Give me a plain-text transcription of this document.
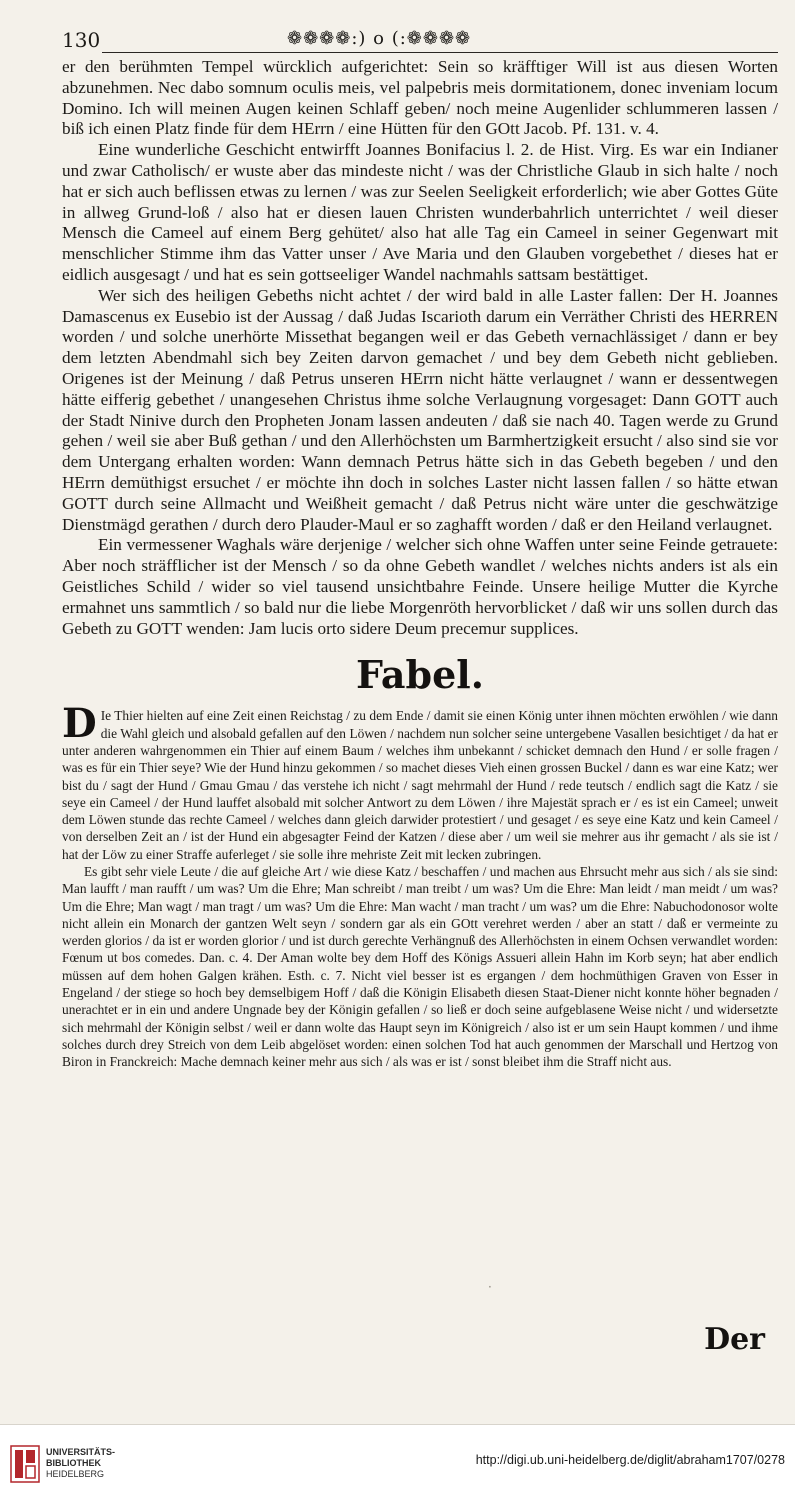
130	❁❁❁❁:) o (:❁❁❁❁

er den berühmten Tempel würcklich aufgerichtet: Sein so kräfftiger Will ist aus diesen Worten abzunehmen. Nec dabo somnum oculis meis, vel palpebris meis dormitationem, donec inveniam locum Domino. Ich will meinen Augen keinen Schlaff geben/ noch meine Augenlider schlummeren lassen / biß ich einen Platz finde für dem HErrn / eine Hütten für den GOtt Jacob. Pf. 131. v. 4.

Eine wunderliche Geschicht entwirfft Joannes Bonifacius l. 2. de Hist. Virg. Es war ein Indianer und zwar Catholisch/ er wuste aber das mindeste nicht / was der Christliche Glaub in sich halte / noch hat er sich auch beflissen etwas zu lernen / was zur Seelen Seeligkeit erforderlich; wie aber Gottes Güte in allweg Grund-loß / also hat er diesen lauen Christen wunderbahrlich unterrichtet / weil dieser Mensch die Cameel auf einem Berg gehütet/ also hat alle Tag ein Cameel in seiner Gegenwart mit menschlicher Stimme ihm das Vatter unser / Ave Maria und den Glauben vorgebethet / dieses hat er eidlich ausgesagt / und hat es sein gottseeliger Wandel nachmahls sattsam bestättiget.

Wer sich des heiligen Gebeths nicht achtet / der wird bald in alle Laster fallen: Der H. Joannes Damascenus ex Eusebio ist der Aussag / daß Judas Iscarioth darum ein Verräther Christi des HERREN worden / und solche unerhörte Missethat begangen weil er das Gebeth vernachlässiget / dann er bey dem letzten Abendmahl sich bey Zeiten darvon gemachet / und bey dem Gebeth nicht geblieben. Origenes ist der Meinung / daß Petrus unseren HErrn nicht hätte verlaugnet / wann er dessentwegen hätte eifferig gebethet / unangesehen Christus ihme solche Verlaugnung vorgesaget: Dann GOTT auch der Stadt Ninive durch den Propheten Jonam lassen andeuten / daß sie nach 40. Tagen werde zu Grund gehen / weil sie aber Buß gethan / und den Allerhöchsten um Barmhertzigkeit ersucht / also sind sie vor dem Untergang erhalten worden: Wann demnach Petrus hätte sich in das Gebeth begeben / und den HErrn demüthigst ersuchet / er möchte ihn doch in solches Laster nicht lassen fallen / so hätte etwan GOTT durch seine Allmacht und Weißheit gemacht / daß Petrus nicht wäre unter die geschwätzige Dienstmägd gerathen / durch dero Plauder-Maul er so zaghafft worden / daß er den Heiland verlaugnet.

Ein vermessener Waghals wäre derjenige / welcher sich ohne Waffen unter seine Feinde getrauete: Aber noch sträfflicher ist der Mensch / so da ohne Gebeth wandlet / welches nichts anders ist als ein Geistliches Schild / wider so viel tausend unsichtbahre Feinde. Unsere heilige Mutter die Kyrche ermahnet uns sammtlich / so bald nur die liebe Morgenröth hervorblicket / daß wir uns sollen durch das Gebeth zu GOTT wenden: Jam lucis orto sidere Deum precemur supplices.

Fabel.

D Ie Thier hielten auf eine Zeit einen Reichstag / zu dem Ende / damit sie einen König unter ihnen möchten erwöhlen / wie dann die Wahl gleich und alsobald gefallen auf den Löwen / nachdem nun solcher seine untergebene Vasallen besichtiget / da hat er unter anderen wahrgenommen ein Thier auf einem Baum / welches ihm unbekannt / schicket demnach den Hund / er solle fragen / was es für ein Thier seye? Wie der Hund hinzu gekommen / so machet dieses Vieh einen grossen Buckel / dann es war eine Katz; wer bist du / sagt der Hund / Gmau Gmau / das verstehe ich nicht / sagt mehrmahl der Hund / rede teutsch / endlich sagt die Katz / sie seye ein Cameel / der Hund lauffet alsobald mit solcher Antwort zu dem Löwen / ihre Majestät sprach er / es ist ein Cameel; unweit dem Löwen stunde das rechte Cameel / welches dann gleich darwider protestiert / und gesaget / es seye eine Katz und kein Cameel / von derselben Zeit an / ist der Hund ein abgesagter Feind der Katzen / diese aber / um weil sie mehrer aus ihr gemacht / als sie ist / hat der Löw zu einer Straffe auferleget / sie solle ihre mehriste Zeit mit lecken zubringen.

Es gibt sehr viele Leute / die auf gleiche Art / wie diese Katz / beschaffen / und machen aus Ehrsucht mehr aus sich / als sie sind: Man laufft / man raufft / um was? Um die Ehre; Man schreibt / man treibt / um was? Um die Ehre: Man leidt / man meidt / um was? Um die Ehre; Man wagt / man tragt / um was? Um die Ehre: Man wacht / man tracht / um was? um die Ehre: Nabuchodonosor wolte nicht allein ein Monarch der gantzen Welt seyn / sondern gar als ein GOtt verehret werden / aber an statt / daß er vermeinte zu werden glorios / da ist er worden glorior / und ist durch gerechte Verhängnuß des Allerhöchsten in einem Ochsen verwandlet worden: Fœnum ut bos comedes. Dan. c. 4. Der Aman wolte bey dem Hoff des Königs Assueri allein Hahn im Korb seyn; hat aber endlich müssen auf dem hohen Galgen krähen. Esth. c. 7. Nicht viel besser ist es ergangen / dem hochmüthigen Graven von Esser in Engeland / der stiege so hoch bey demselbigem Hoff / daß die Königin Elisabeth diesen Staat-Diener nicht konnte höher begnaden / unerachtet er in ein und andere Ungnade bey der Königin gefallen / so ließ er doch seine aufgeblasene Weise nicht / und widersetzte sich mehrmahl der Königin selbst / weil er dann wolte das Haupt seyn im Königreich / also ist er um sein Haupt kommen / und ihme solches durch drey Streich von dem Leib abgelöset worden: einen solchen Tod hat auch genommen der Marschall und Hertzog von Biron in Franckreich: Mache demnach keiner mehr aus sich / als was er ist / sonst bleibet ihm die Straff nicht aus.

·
Der
UNIVERSITÄTS-
BIBLIOTHEK
HEIDELBERG
http://digi.ub.uni-heidelberg.de/diglit/abraham1707/0278
